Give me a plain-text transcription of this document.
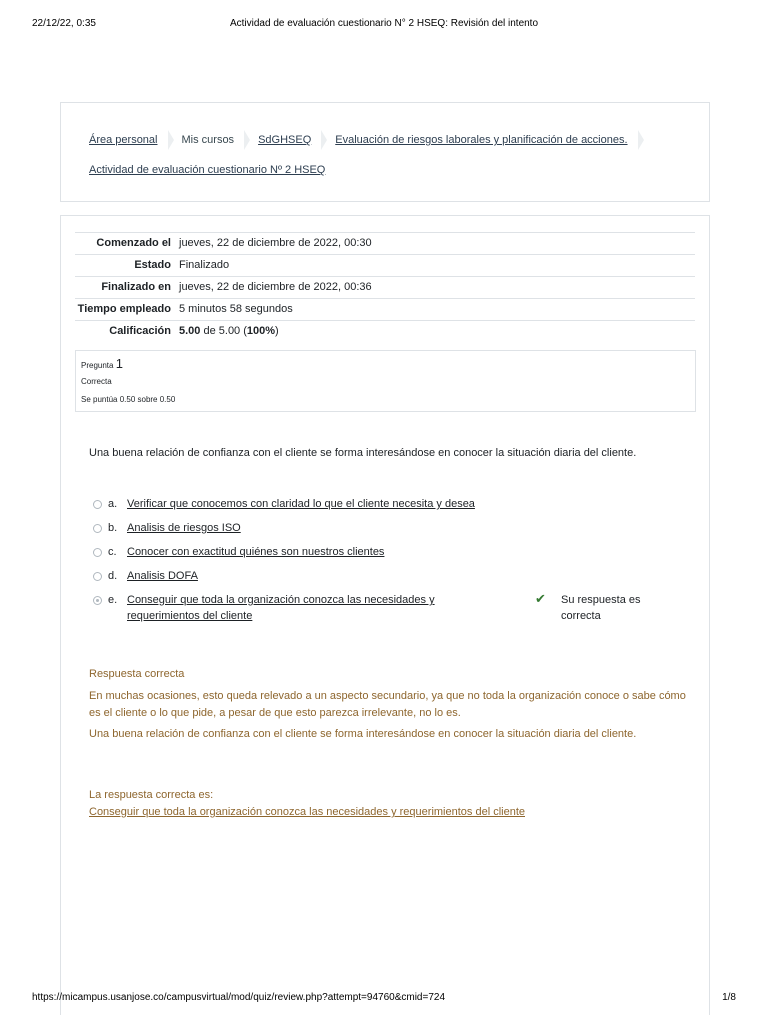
22/12/22, 0:35	Actividad de evaluación cuestionario N° 2 HSEQ: Revisión del intento
Área personal Mis cursos SdGHSEQ Evaluación de riesgos laborales y planificación de acciones.
Actividad de evaluación cuestionario Nº 2 HSEQ
Comenzado el	jueves, 22 de diciembre de 2022, 00:30
Estado	Finalizado
Finalizado en	jueves, 22 de diciembre de 2022, 00:36
Tiempo empleado	5 minutos 58 segundos
Calificación	5.00 de 5.00 (100%)
Pregunta 1
Correcta
Se puntúa 0.50 sobre 0.50
Una buena relación de confianza con el cliente se forma interesándose en conocer la situación diaria del cliente.
a. Verificar que conocemos con claridad lo que el cliente necesita y desea
b. Analisis de riesgos ISO
c. Conocer con exactitud quiénes son nuestros clientes
d. Analisis DOFA
e. Conseguir que toda la organización conozca las necesidades y requerimientos del cliente
✔ Su respuesta es correcta

Respuesta correcta

En muchas ocasiones, esto queda relevado a un aspecto secundario, ya que no toda la organización conoce o sabe cómo es el cliente o lo que pide, a pesar de que esto parezca irrelevante, no lo es.

Una buena relación de confianza con el cliente se forma interesándose en conocer la situación diaria del cliente.

La respuesta correcta es:

Conseguir que toda la organización conozca las necesidades y requerimientos del cliente

https://micampus.usanjose.co/campusvirtual/mod/quiz/review.php?attempt=94760&cmid=724	1/8
